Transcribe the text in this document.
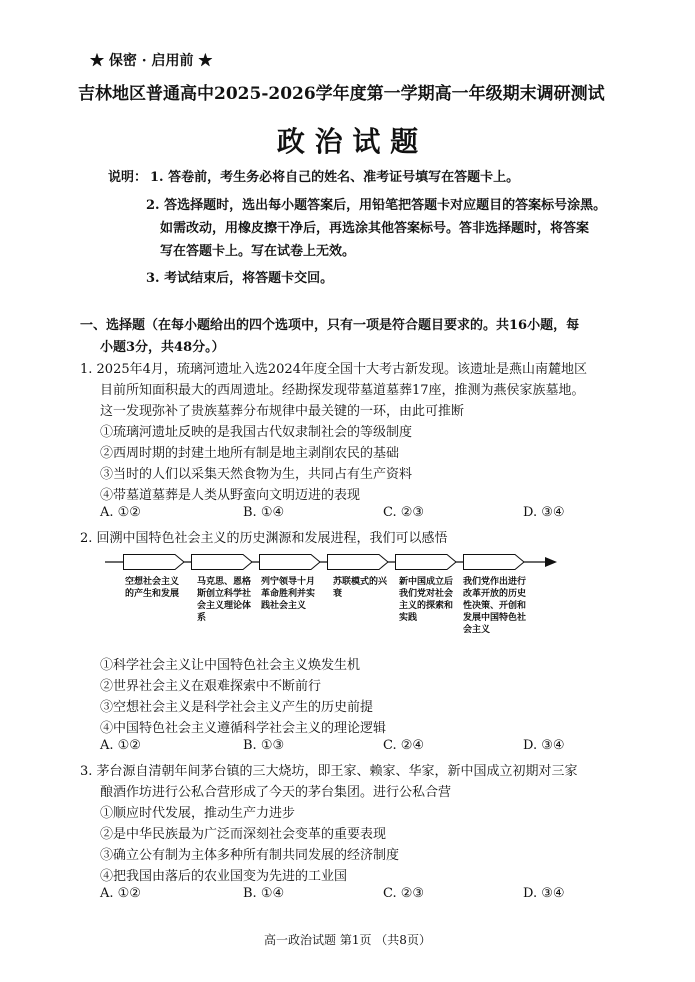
★ 保密 · 启用前 ★
吉林地区普通高中2025-2026学年度第一学期高一年级期末调研测试
政 治 试 题
说明： 1. 答卷前，考生务必将自己的姓名、准考证号填写在答题卡上。
2. 答选择题时，选出每小题答案后，用铅笔把答题卡对应题目的答案标号涂黑。
如需改动，用橡皮擦干净后，再选涂其他答案标号。答非选择题时，将答案
写在答题卡上。写在试卷上无效。
3. 考试结束后，将答题卡交回。
一、选择题（在每小题给出的四个选项中，只有一项是符合题目要求的。共16小题，每
小题3分，共48分。）
1. 2025年4月，琉璃河遗址入选2024年度全国十大考古新发现。该遗址是燕山南麓地区
目前所知面积最大的西周遗址。经勘探发现带墓道墓葬17座，推测为燕侯家族墓地。
这一发现弥补了贵族墓葬分布规律中最关键的一环，由此可推断
①琉璃河遗址反映的是我国古代奴隶制社会的等级制度
②西周时期的封建土地所有制是地主剥削农民的基础
③当时的人们以采集天然食物为生，共同占有生产资料
④带墓道墓葬是人类从野蛮向文明迈进的表现
A. ①②	B. ①④	C. ②③	D. ③④
2. 回溯中国特色社会主义的历史渊源和发展进程，我们可以感悟
空想社会主义的产生和发展
马克思、恩格斯创立科学社会主义理论体系
列宁领导十月革命胜利并实践社会主义
苏联模式的兴衰
新中国成立后我们党对社会主义的探索和实践
我们党作出进行改革开放的历史性决策、开创和发展中国特色社会主义
①科学社会主义让中国特色社会主义焕发生机
②世界社会主义在艰难探索中不断前行
③空想社会主义是科学社会主义产生的历史前提
④中国特色社会主义遵循科学社会主义的理论逻辑
A. ①②	B. ①③	C. ②④	D. ③④
3. 茅台源自清朝年间茅台镇的三大烧坊，即王家、赖家、华家，新中国成立初期对三家
酿酒作坊进行公私合营形成了今天的茅台集团。进行公私合营
①顺应时代发展，推动生产力进步
②是中华民族最为广泛而深刻社会变革的重要表现
③确立公有制为主体多种所有制共同发展的经济制度
④把我国由落后的农业国变为先进的工业国
A. ①②	B. ①④	C. ②③	D. ③④
高一政治试题 第1页 （共8页）
